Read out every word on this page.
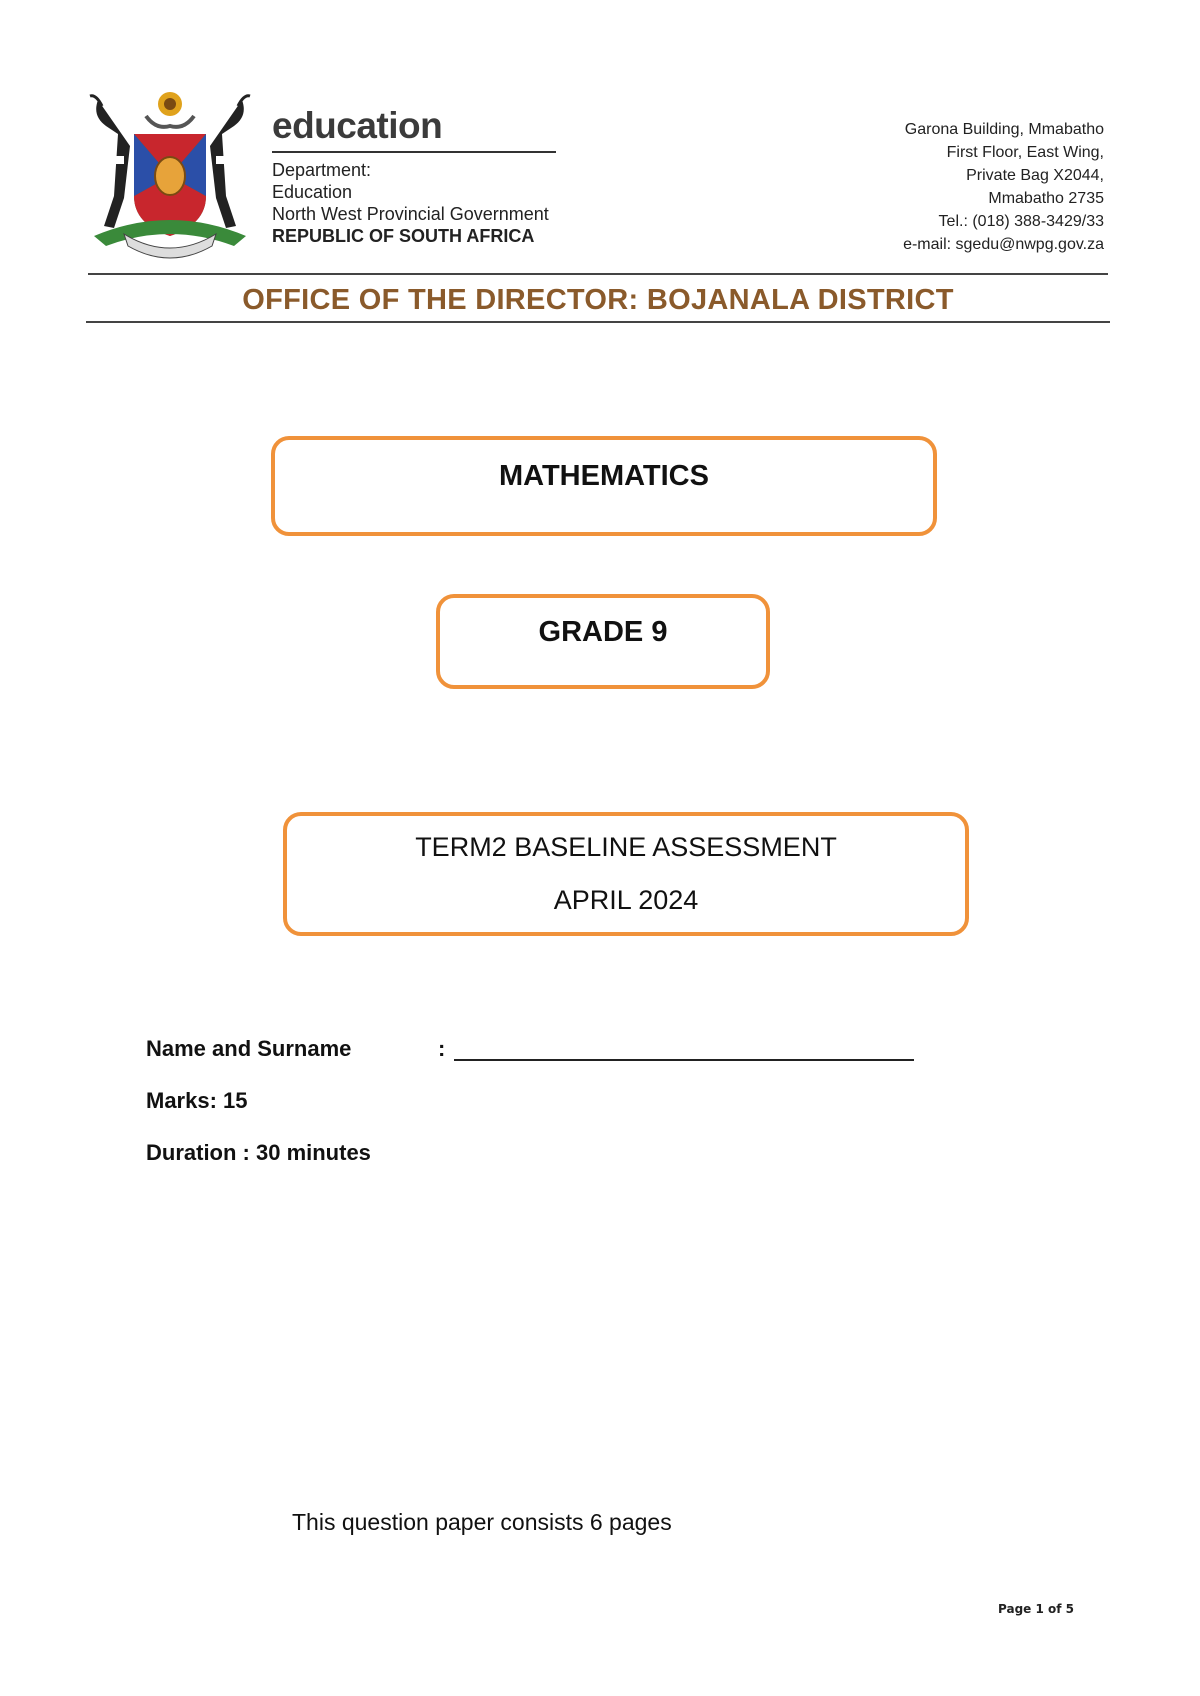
education
Department:
Education
North West Provincial Government
REPUBLIC OF SOUTH AFRICA
Garona Building, Mmabatho
First Floor, East Wing,
Private Bag X2044,
Mmabatho 2735
Tel.: (018) 388-3429/33
e-mail: sgedu@nwpg.gov.za
OFFICE OF THE DIRECTOR: BOJANALA DISTRICT
MATHEMATICS
GRADE 9
TERM2 BASELINE ASSESSMENT
APRIL 2024
Name and Surname	:
Marks: 15
Duration : 30 minutes
This question paper consists 6 pages
Page 1 of 5
